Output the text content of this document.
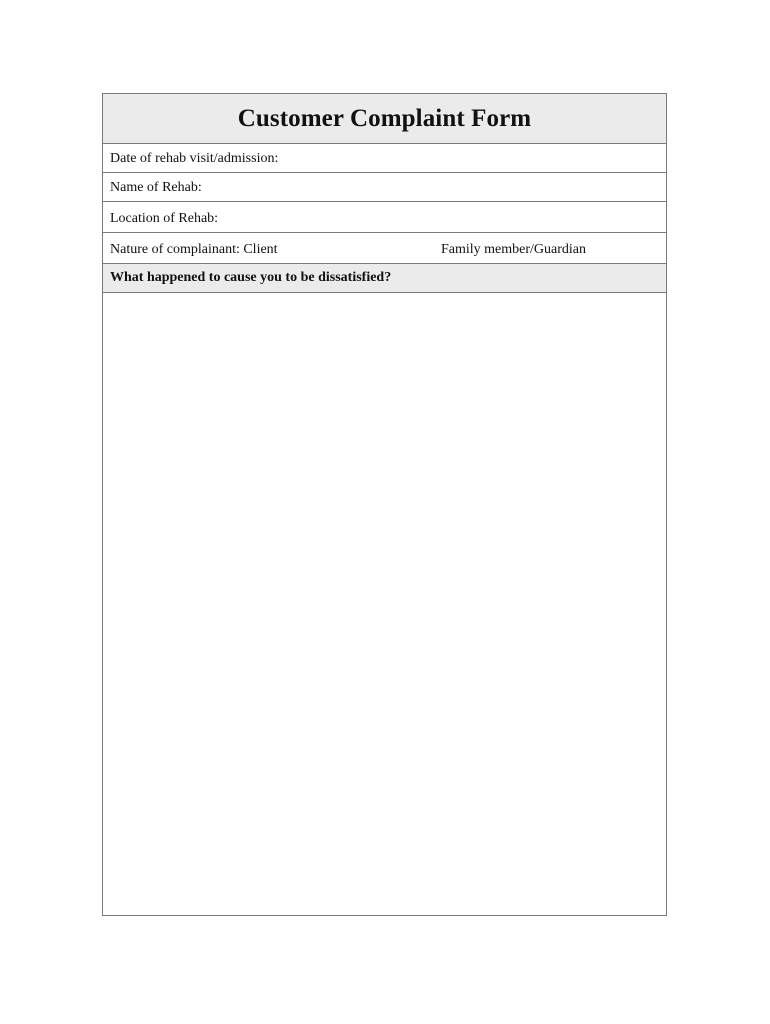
Customer Complaint Form
Date of rehab visit/admission:
Name of Rehab:
Location of Rehab:
Nature of complainant: Client	Family member/Guardian
What happened to cause you to be dissatisfied?
